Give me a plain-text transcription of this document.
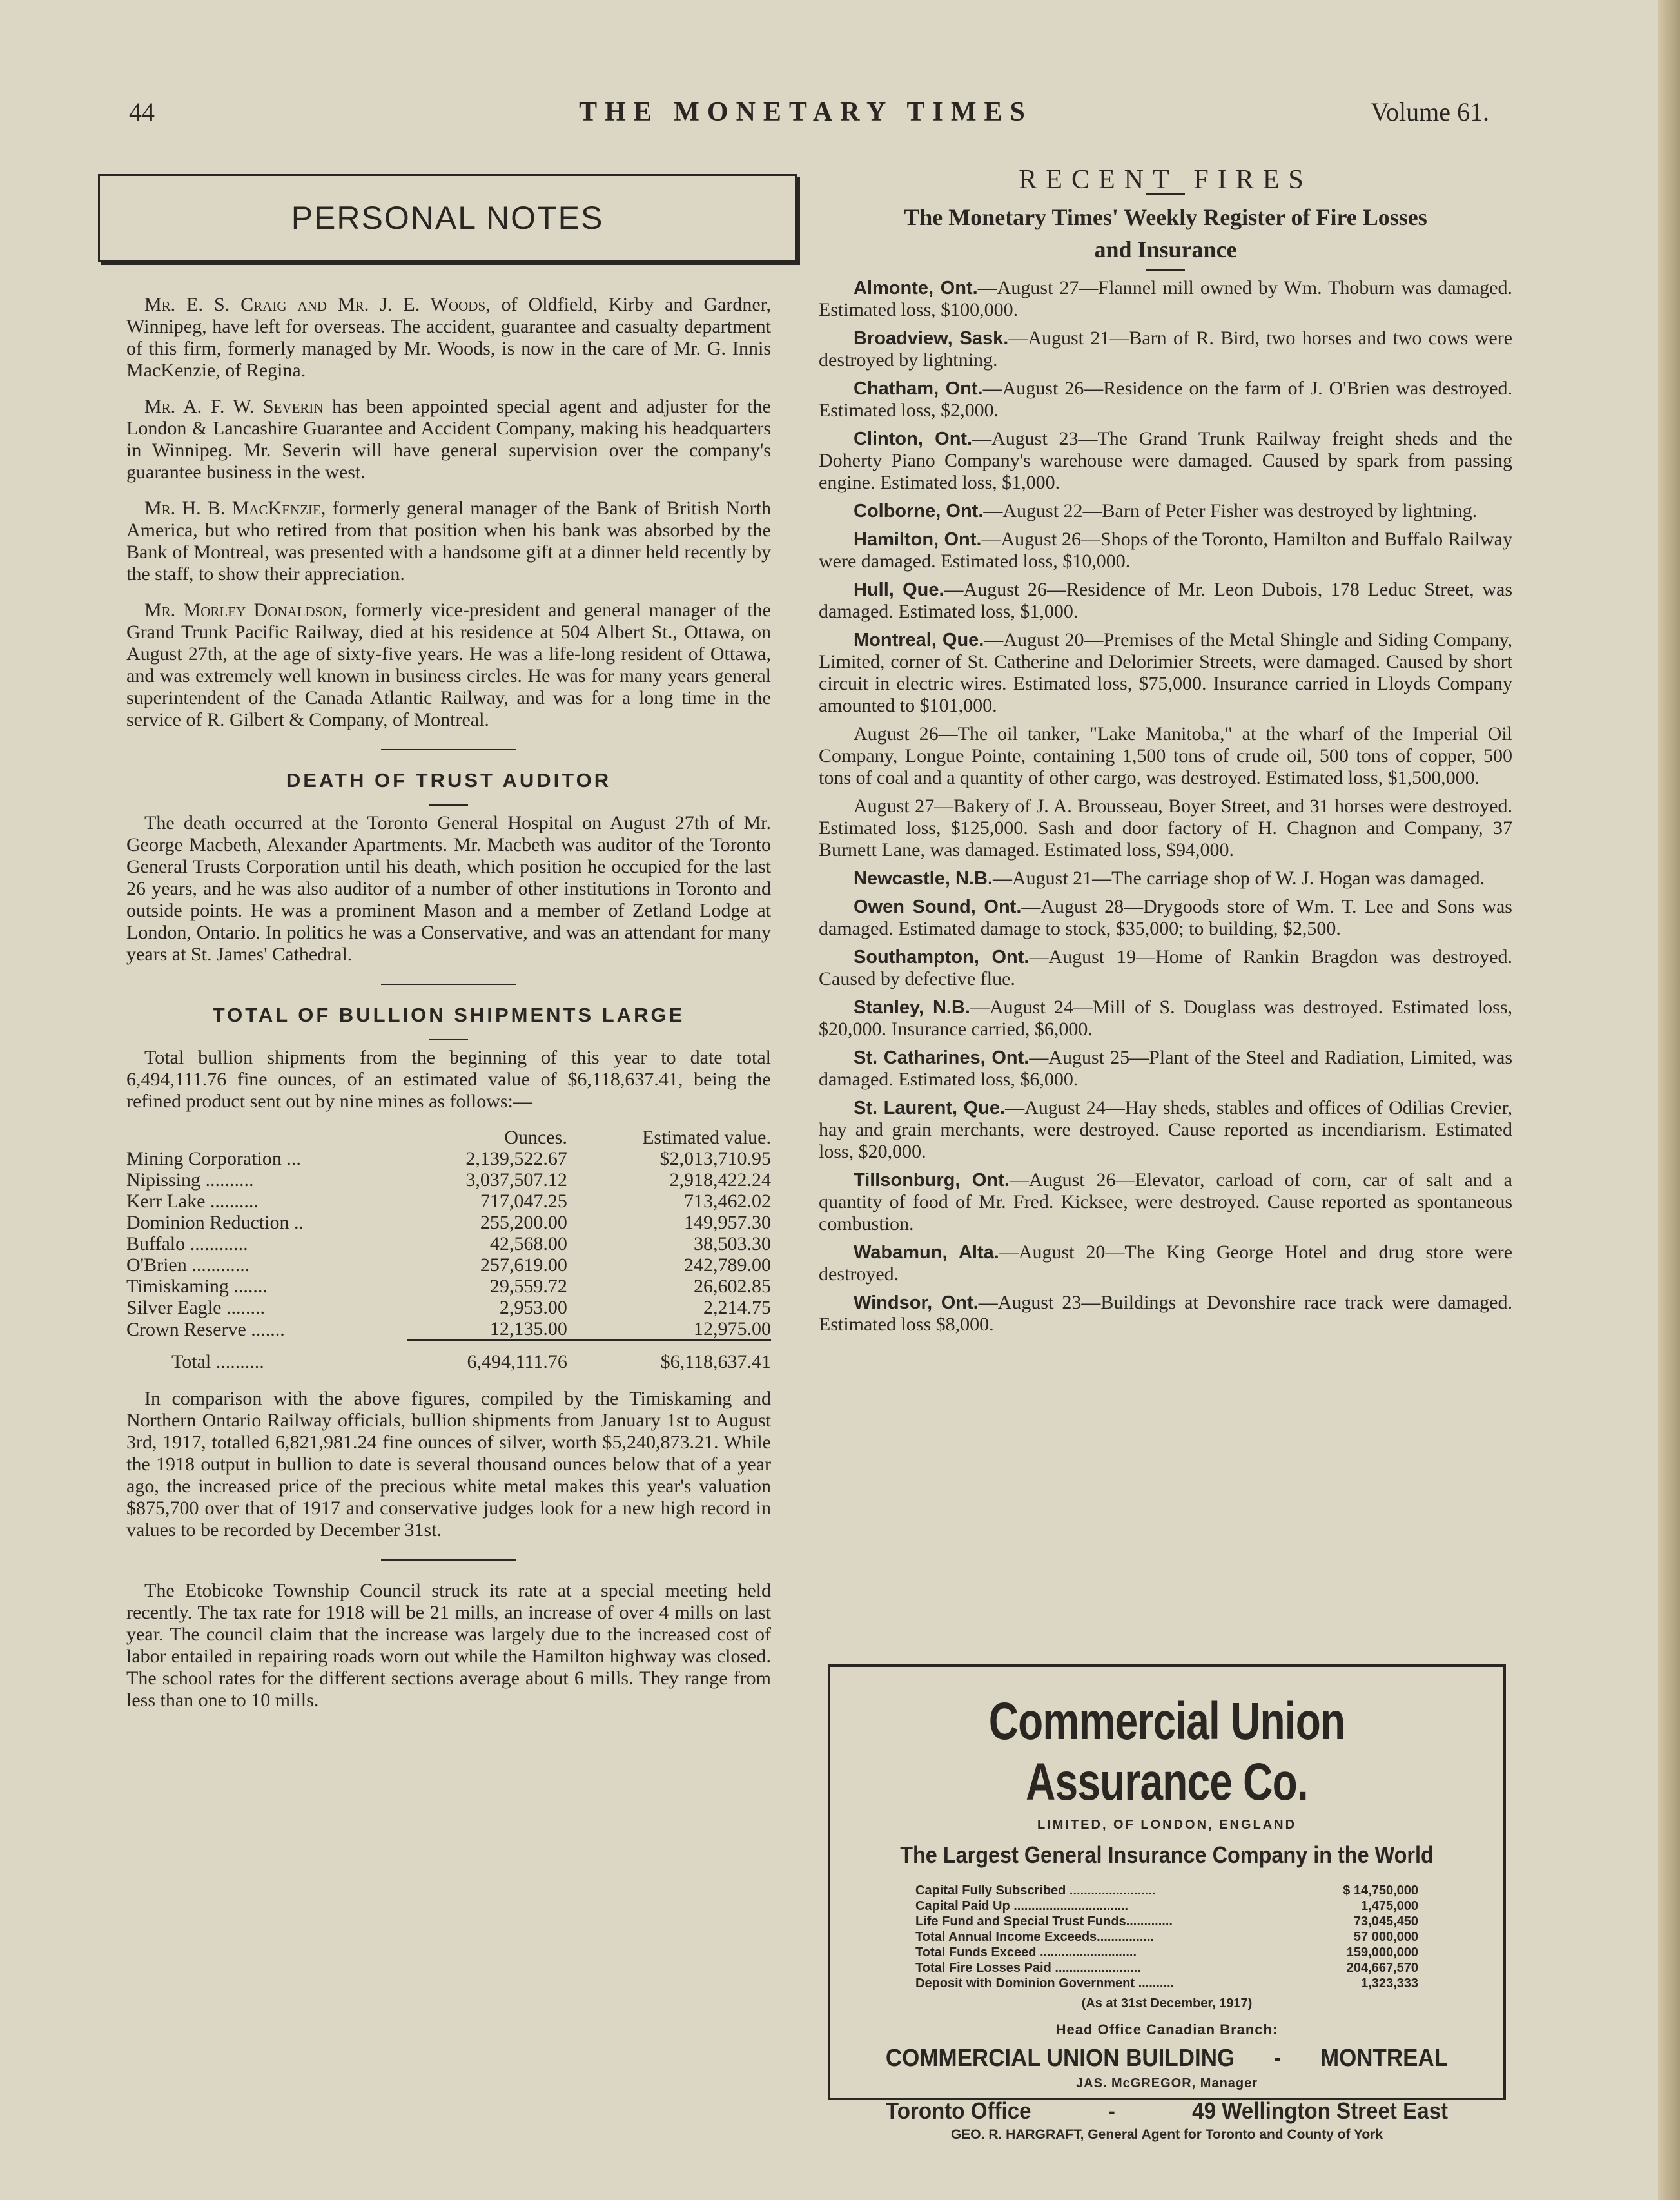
44	THE MONETARY TIMES	Volume 61.
PERSONAL NOTES

Mr. E. S. Craig and Mr. J. E. Woods, of Oldfield, Kirby and Gardner, Winnipeg, have left for overseas. The accident, guarantee and casualty department of this firm, formerly managed by Mr. Woods, is now in the care of Mr. G. Innis MacKenzie, of Regina.

Mr. A. F. W. Severin has been appointed special agent and adjuster for the London & Lancashire Guarantee and Accident Company, making his headquarters in Winnipeg. Mr. Severin will have general supervision over the company's guarantee business in the west.

Mr. H. B. MacKenzie, formerly general manager of the Bank of British North America, but who retired from that position when his bank was absorbed by the Bank of Montreal, was presented with a handsome gift at a dinner held recently by the staff, to show their appreciation.

Mr. Morley Donaldson, formerly vice-president and general manager of the Grand Trunk Pacific Railway, died at his residence at 504 Albert St., Ottawa, on August 27th, at the age of sixty-five years. He was a life-long resident of Ottawa, and was extremely well known in business circles. He was for many years general superintendent of the Canada Atlantic Railway, and was for a long time in the service of R. Gilbert & Company, of Montreal.

DEATH OF TRUST AUDITOR

The death occurred at the Toronto General Hospital on August 27th of Mr. George Macbeth, Alexander Apartments. Mr. Macbeth was auditor of the Toronto General Trusts Corporation until his death, which position he occupied for the last 26 years, and he was also auditor of a number of other institutions in Toronto and outside points. He was a prominent Mason and a member of Zetland Lodge at London, Ontario. In politics he was a Conservative, and was an attendant for many years at St. James' Cathedral.

TOTAL OF BULLION SHIPMENTS LARGE

Total bullion shipments from the beginning of this year to date total 6,494,111.76 fine ounces, of an estimated value of $6,118,637.41, being the refined product sent out by nine mines as follows:—

	Ounces.	Estimated value.
Mining Corporation ...	2,139,522.67	$2,013,710.95
Nipissing ..........	3,037,507.12	2,918,422.24
Kerr Lake ..........	717,047.25	713,462.02
Dominion Reduction ..	255,200.00	149,957.30
Buffalo ............	42,568.00	38,503.30
O'Brien ............	257,619.00	242,789.00
Timiskaming .......	29,559.72	26,602.85
Silver Eagle ........	2,953.00	2,214.75
Crown Reserve .......	12,135.00	12,975.00
Total ..........	6,494,111.76	$6,118,637.41

In comparison with the above figures, compiled by the Timiskaming and Northern Ontario Railway officials, bullion shipments from January 1st to August 3rd, 1917, totalled 6,821,981.24 fine ounces of silver, worth $5,240,873.21. While the 1918 output in bullion to date is several thousand ounces below that of a year ago, the increased price of the precious white metal makes this year's valuation $875,700 over that of 1917 and conservative judges look for a new high record in values to be recorded by December 31st.

The Etobicoke Township Council struck its rate at a special meeting held recently. The tax rate for 1918 will be 21 mills, an increase of over 4 mills on last year. The council claim that the increase was largely due to the increased cost of labor entailed in repairing roads worn out while the Hamilton highway was closed. The school rates for the different sections average about 6 mills. They range from less than one to 10 mills.

RECENT FIRES
The Monetary Times' Weekly Register of Fire Losses
and Insurance

Almonte, Ont.—August 27—Flannel mill owned by Wm. Thoburn was damaged. Estimated loss, $100,000.

Broadview, Sask.—August 21—Barn of R. Bird, two horses and two cows were destroyed by lightning.

Chatham, Ont.—August 26—Residence on the farm of J. O'Brien was destroyed. Estimated loss, $2,000.

Clinton, Ont.—August 23—The Grand Trunk Railway freight sheds and the Doherty Piano Company's warehouse were damaged. Caused by spark from passing engine. Estimated loss, $1,000.

Colborne, Ont.—August 22—Barn of Peter Fisher was destroyed by lightning.

Hamilton, Ont.—August 26—Shops of the Toronto, Hamilton and Buffalo Railway were damaged. Estimated loss, $10,000.

Hull, Que.—August 26—Residence of Mr. Leon Dubois, 178 Leduc Street, was damaged. Estimated loss, $1,000.

Montreal, Que.—August 20—Premises of the Metal Shingle and Siding Company, Limited, corner of St. Catherine and Delorimier Streets, were damaged. Caused by short circuit in electric wires. Estimated loss, $75,000. Insurance carried in Lloyds Company amounted to $101,000.

August 26—The oil tanker, "Lake Manitoba," at the wharf of the Imperial Oil Company, Longue Pointe, containing 1,500 tons of crude oil, 500 tons of copper, 500 tons of coal and a quantity of other cargo, was destroyed. Estimated loss, $1,500,000.

August 27—Bakery of J. A. Brousseau, Boyer Street, and 31 horses were destroyed. Estimated loss, $125,000. Sash and door factory of H. Chagnon and Company, 37 Burnett Lane, was damaged. Estimated loss, $94,000.

Newcastle, N.B.—August 21—The carriage shop of W. J. Hogan was damaged.

Owen Sound, Ont.—August 28—Drygoods store of Wm. T. Lee and Sons was damaged. Estimated damage to stock, $35,000; to building, $2,500.

Southampton, Ont.—August 19—Home of Rankin Bragdon was destroyed. Caused by defective flue.

Stanley, N.B.—August 24—Mill of S. Douglass was destroyed. Estimated loss, $20,000. Insurance carried, $6,000.

St. Catharines, Ont.—August 25—Plant of the Steel and Radiation, Limited, was damaged. Estimated loss, $6,000.

St. Laurent, Que.—August 24—Hay sheds, stables and offices of Odilias Crevier, hay and grain merchants, were destroyed. Cause reported as incendiarism. Estimated loss, $20,000.

Tillsonburg, Ont.—August 26—Elevator, carload of corn, car of salt and a quantity of food of Mr. Fred. Kicksee, were destroyed. Cause reported as spontaneous combustion.

Wabamun, Alta.—August 20—The King George Hotel and drug store were destroyed.

Windsor, Ont.—August 23—Buildings at Devonshire race track were damaged. Estimated loss $8,000.

Commercial Union Assurance Co.
LIMITED, OF LONDON, ENGLAND
The Largest General Insurance Company in the World
Capital Fully Subscribed ........................	$ 14,750,000
Capital Paid Up ................................	1,475,000
Life Fund and Special Trust Funds.............	73,045,450
Total Annual Income Exceeds................	57 000,000
Total Funds Exceed ...........................	159,000,000
Total Fire Losses Paid ........................	204,667,570
Deposit with Dominion Government ..........	1,323,333
(As at 31st December, 1917)
Head Office Canadian Branch:
COMMERCIAL UNION BUILDING - MONTREAL
JAS. McGREGOR, Manager
Toronto Office	-	49 Wellington Street East
GEO. R. HARGRAFT, General Agent for Toronto and County of York
